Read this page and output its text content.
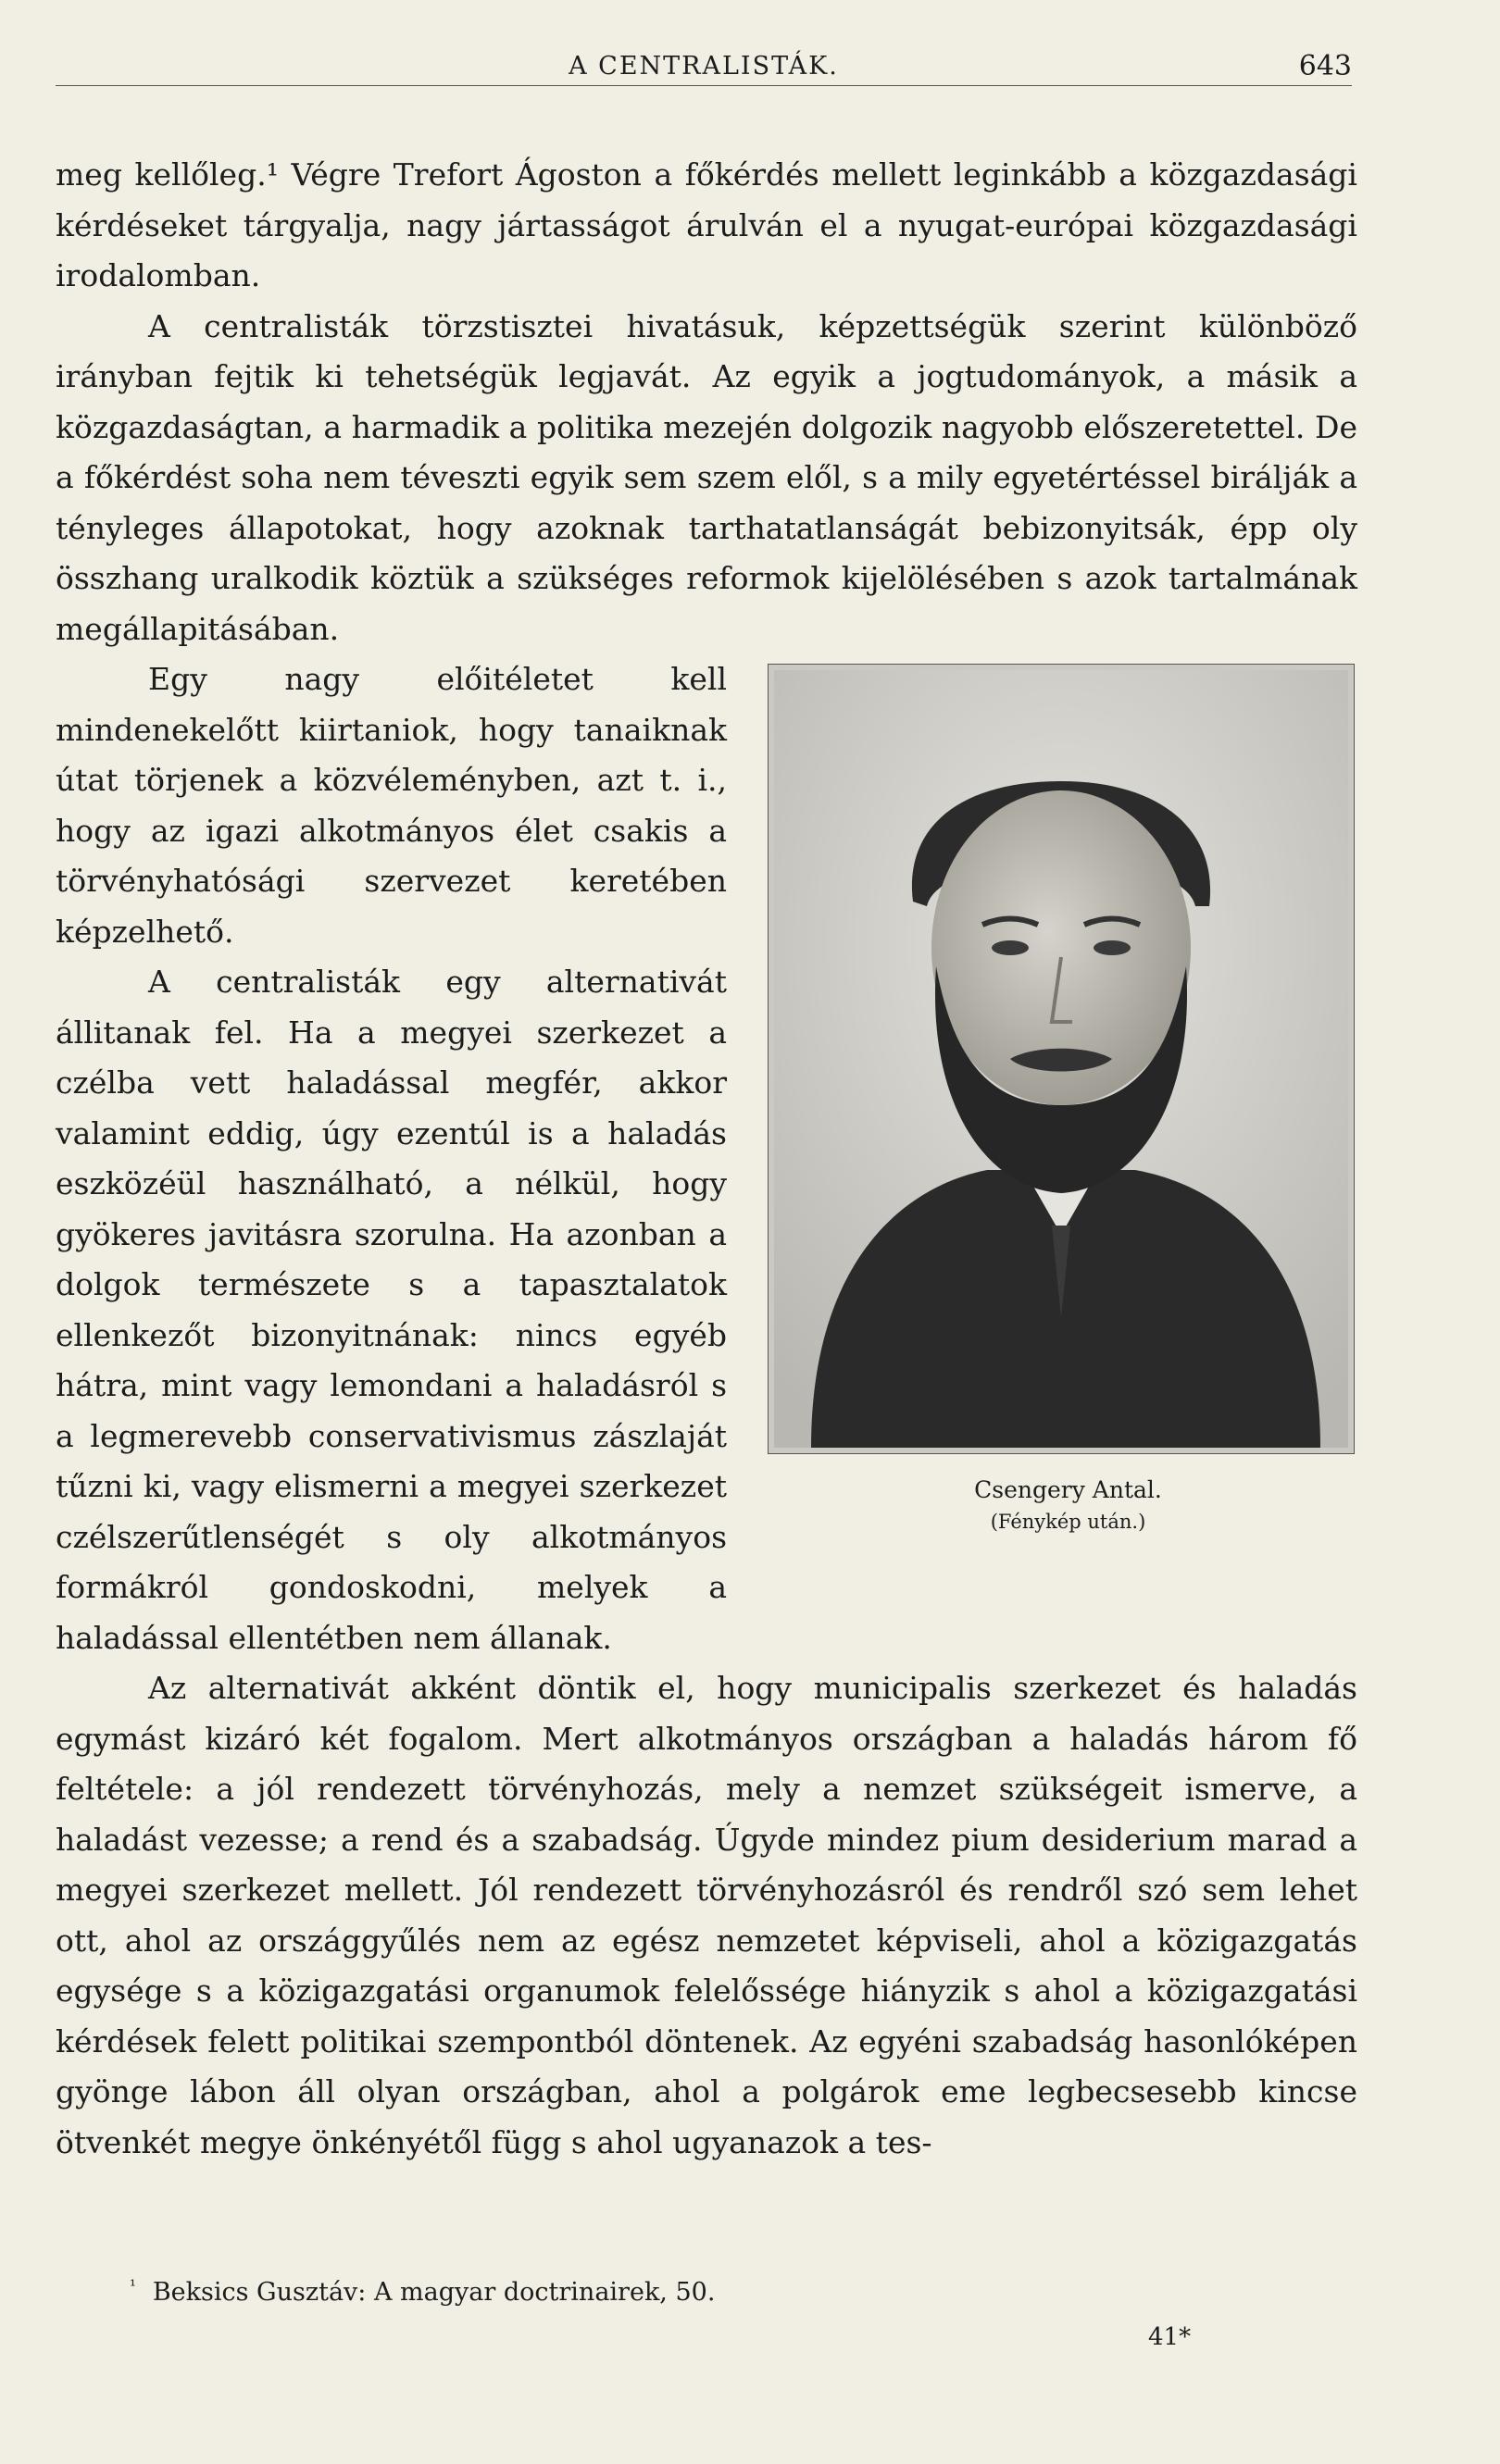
A CENTRALISTÁK.	643

meg kellőleg.¹ Végre Trefort Ágoston a főkérdés mellett leginkább a közgazdasági kérdéseket tárgyalja, nagy jártasságot árulván el a nyugat-európai közgazdasági irodalomban.

A centralisták törzstisztei hivatásuk, képzettségük szerint különböző irányban fejtik ki tehetségük legjavát. Az egyik a jogtudományok, a másik a közgazdaságtan, a harmadik a politika mezején dolgozik nagyobb előszeretettel. De a főkérdést soha nem téveszti egyik sem szem elől, s a mily egyetértéssel birálják a tényleges állapotokat, hogy azoknak tarthatatlanságát bebizonyitsák, épp oly összhang uralkodik köztük a szükséges reformok kijelölésében s azok tartalmának megállapitásában.

Csengery Antal.
(Fénykép után.)

Egy nagy előitéletet kell mindenekelőtt kiirtaniok, hogy tanaiknak útat törjenek a közvéleményben, azt t. i., hogy az igazi alkotmányos élet csakis a törvényhatósági szervezet keretében képzelhető.

A centralisták egy alternativát állitanak fel. Ha a megyei szerkezet a czélba vett haladással megfér, akkor valamint eddig, úgy ezentúl is a haladás eszközéül használható, a nélkül, hogy gyökeres javitásra szorulna. Ha azonban a dolgok természete s a tapasztalatok ellenkezőt bizonyitnának: nincs egyéb hátra, mint vagy lemondani a haladásról s a legmerevebb conservativismus zászlaját tűzni ki, vagy elismerni a megyei szerkezet czélszerűtlenségét s oly alkotmányos formákról gondoskodni, melyek a haladással ellentétben nem állanak.

Az alternativát akként döntik el, hogy municipalis szerkezet és haladás egymást kizáró két fogalom. Mert alkotmányos országban a haladás három fő feltétele: a jól rendezett törvényhozás, mely a nemzet szükségeit ismerve, a haladást vezesse; a rend és a szabadság. Úgyde mindez pium desiderium marad a megyei szerkezet mellett. Jól rendezett törvényhozásról és rendről szó sem lehet ott, ahol az országgyűlés nem az egész nemzetet képviseli, ahol a közigazgatás egysége s a közigazgatási organumok felelőssége hiányzik s ahol a közigazgatási kérdések felett politikai szempontból döntenek. Az egyéni szabadság hasonlóképen gyönge lábon áll olyan országban, ahol a polgárok eme legbecsesebb kincse ötvenkét megye önkényétől függ s ahol ugyanazok a tes-

$^{^1}$ Beksics Gusztáv: A magyar doctrinairek, 50.
41*
